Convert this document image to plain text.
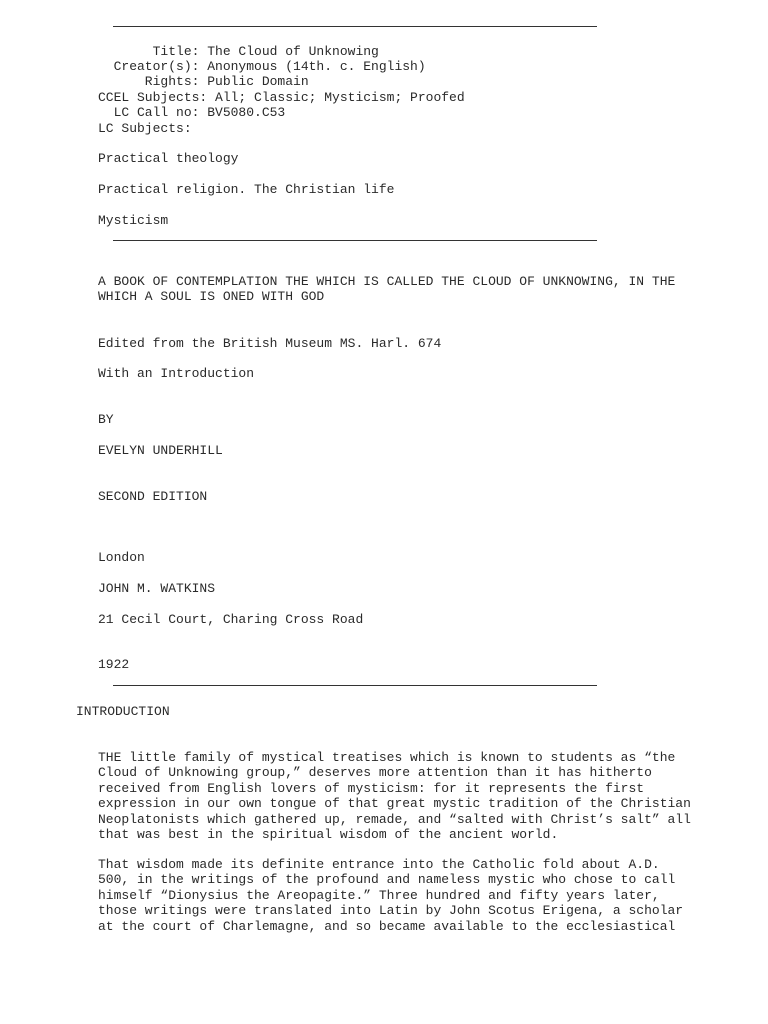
Title: The Cloud of Unknowing
Creator(s): Anonymous (14th. c. English)
Rights: Public Domain
CCEL Subjects: All; Classic; Mysticism; Proofed
LC Call no: BV5080.C53
LC Subjects:
Practical theology
Practical religion. The Christian life
Mysticism
A BOOK OF CONTEMPLATION THE WHICH IS CALLED THE CLOUD OF UNKNOWING, IN THE
WHICH A SOUL IS ONED WITH GOD
Edited from the British Museum MS. Harl. 674
With an Introduction
BY
EVELYN UNDERHILL
SECOND EDITION
London
JOHN M. WATKINS
21 Cecil Court, Charing Cross Road
1922
INTRODUCTION
THE little family of mystical treatises which is known to students as “the
Cloud of Unknowing group,” deserves more attention than it has hitherto
received from English lovers of mysticism: for it represents the first
expression in our own tongue of that great mystic tradition of the Christian
Neoplatonists which gathered up, remade, and “salted with Christ’s salt” all
that was best in the spiritual wisdom of the ancient world.
That wisdom made its definite entrance into the Catholic fold about A.D.
500, in the writings of the profound and nameless mystic who chose to call
himself “Dionysius the Areopagite.” Three hundred and fifty years later,
those writings were translated into Latin by John Scotus Erigena, a scholar
at the court of Charlemagne, and so became available to the ecclesiastical
